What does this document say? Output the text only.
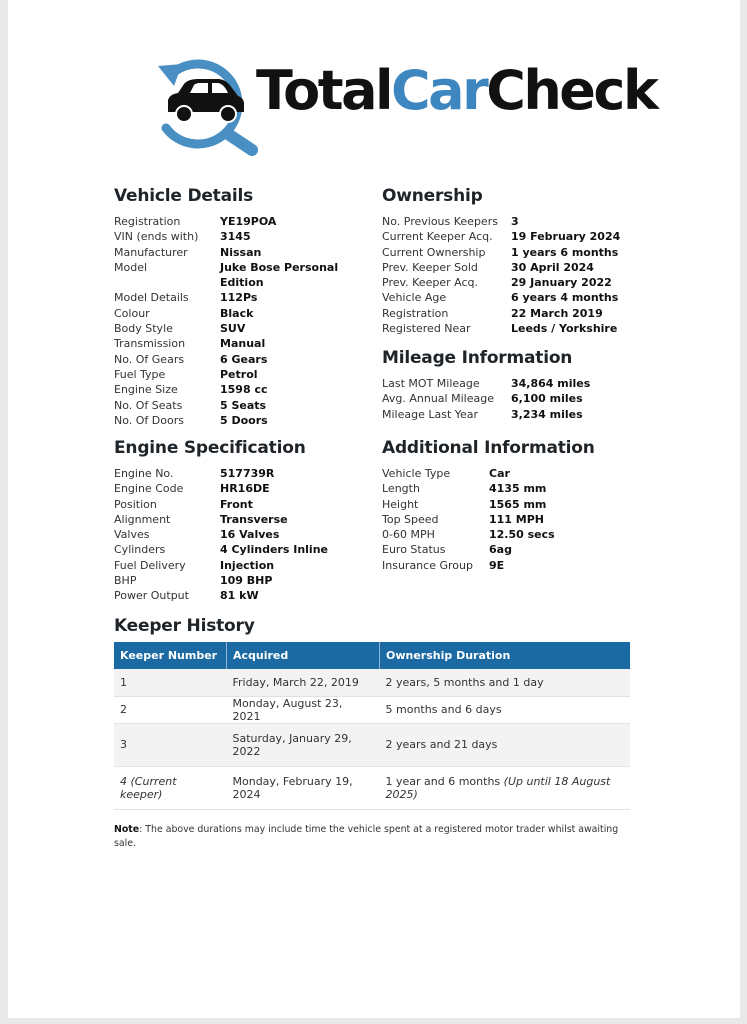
TotalCarCheck
Vehicle Details
Registration	YE19POA
VIN (ends with)	3145
Manufacturer	Nissan
Model	Juke Bose Personal Edition
Model Details	112Ps
Colour	Black
Body Style	SUV
Transmission	Manual
No. Of Gears	6 Gears
Fuel Type	Petrol
Engine Size	1598 cc
No. Of Seats	5 Seats
No. Of Doors	5 Doors
Ownership
No. Previous Keepers	3
Current Keeper Acq.	19 February 2024
Current Ownership	1 years 6 months
Prev. Keeper Sold	30 April 2024
Prev. Keeper Acq.	29 January 2022
Vehicle Age	6 years 4 months
Registration	22 March 2019
Registered Near	Leeds / Yorkshire
Mileage Information
Last MOT Mileage	34,864 miles
Avg. Annual Mileage	6,100 miles
Mileage Last Year	3,234 miles
Engine Specification
Engine No.	517739R
Engine Code	HR16DE
Position	Front
Alignment	Transverse
Valves	16 Valves
Cylinders	4 Cylinders Inline
Fuel Delivery	Injection
BHP	109 BHP
Power Output	81 kW
Additional Information
Vehicle Type	Car
Length	4135 mm
Height	1565 mm
Top Speed	111 MPH
0-60 MPH	12.50 secs
Euro Status	6ag
Insurance Group	9E
Keeper History
Keeper Number	Acquired	Ownership Duration
1	Friday, March 22, 2019	2 years, 5 months and 1 day
2	Monday, August 23, 2021	5 months and 6 days
3	Saturday, January 29, 2022	2 years and 21 days
4 (Current keeper)	Monday, February 19, 2024	1 year and 6 months (Up until 18 August 2025)
Note: The above durations may include time the vehicle spent at a registered motor trader whilst awaiting sale.
